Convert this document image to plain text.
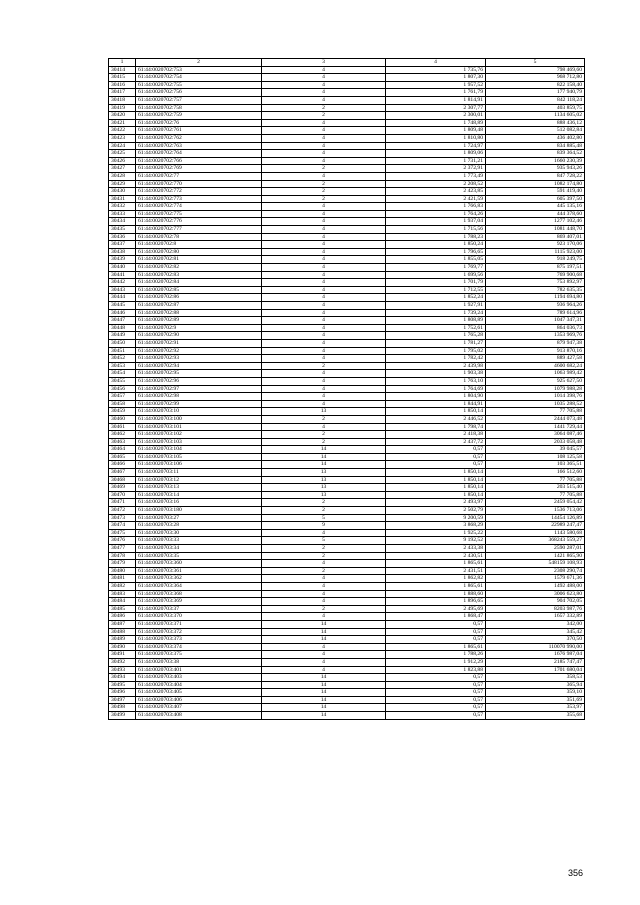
1	2	3	4	5
30414	61:44:0020702:753	4	1 735,76	798 469,60
30415	61:44:0020702:754	4	1 807,30	968 712,80
30416	61:44:0020702:755	4	1 957,52	822 158,40
30417	61:44:0020702:756	4	1 761,79	177 940,79
30418	61:44:0020702:757	4	1 814,91	842 118,24
30419	61:44:0020702:758	2	2 307,77	403 859,75
30420	61:44:0020702:759	2	2 300,01	1134 605,02
30421	61:44:0020702:76	4	1 748,89	888 436,12
30422	61:44:0020702:761	4	1 809,48	512 082,84
30423	61:44:0020702:762	4	1 810,80	436 402,80
30424	61:44:0020702:763	4	1 724,97	834 885,48
30425	61:44:0020702:764	4	1 809,06	839 364,52
30426	61:44:0020702:766	4	1 731,21	1660 230,39
30427	61:44:0020702:769	2	2 372,91	935 943,26
30428	61:44:0020702:77	4	1 773,49	847 728,22
30429	61:44:0020702:770	2	2 208,52	1082 174,80
30430	61:44:0020702:772	2	2 423,85	591 419,40
30431	61:44:0020702:773	2	2 421,59	605 397,50
30432	61:44:0020702:774	4	1 766,83	445 135,16
30433	61:44:0020702:775	4	1 764,26	444 378,60
30434	61:44:0020702:776	4	1 937,04	1277 102,46
30435	61:44:0020702:777	4	1 715,56	1081 448,70
30436	61:44:0020702:78	4	1 788,23	869 407,01
30437	61:44:0020702:8	4	1 850,24	923 170,06
30438	61:44:0020702:80	4	1 796,65	1115 923,00
30439	61:44:0020702:81	4	1 855,05	918 249,75
30440	61:44:0020702:82	4	1 769,77	875 197,51
30441	61:44:0020702:83	4	1 699,56	769 900,68
30442	61:44:0020702:84	4	1 701,79	753 892,97
30443	61:44:0020702:85	4	1 712,55	782 635,35
30444	61:44:0020702:86	4	1 852,24	1194 694,80
30445	61:44:0020702:87	4	1 927,91	936 964,26
30446	61:44:0020702:88	4	1 739,24	789 614,96
30447	61:44:0020702:89	4	1 808,89	1047 347,31
30448	61:44:0020702:9	4	1 752,61	864 036,73
30449	61:44:0020702:90	4	1 765,28	1353 969,76
30450	61:44:0020702:91	4	1 781,27	879 947,38
30451	61:44:0020702:92	4	1 795,02	913 870,16
30452	61:44:0020702:93	4	1 782,42	889 427,58
30453	61:44:0020702:94	2	2 439,98	4600 682,24
30454	61:44:0020702:95	4	1 903,38	1063 989,42
30455	61:44:0020702:96	4	1 763,10	925 627,50
30456	61:44:0020702:97	4	1 764,69	1079 988,28
30457	61:44:0020702:98	4	1 804,90	1014 398,76
30458	61:44:0020702:99	4	1 844,91	1035 288,52
30459	61:44:0020703:10	13	1 850,14	77 705,88
30460	61:44:0020703:100	2	2 446,52	2444 073,48
30461	61:44:0020703:101	4	1 798,74	1441 729,44
30462	61:44:0020703:102	2	2 418,38	3064 087,46
30463	61:44:0020703:103	2	2 437,72	2033 058,48
30464	61:44:0020703:104	14	0,57	39 045,57
30465	61:44:0020703:105	14	0,57	108 125,58
30466	61:44:0020703:106	14	0,57	103 365,51
30467	61:44:0020703:11	13	1 850,14	166 512,60
30468	61:44:0020703:12	13	1 850,14	77 705,88
30469	61:44:0020703:13	13	1 850,14	203 515,40
30470	61:44:0020703:14	13	1 850,14	77 705,88
30471	61:44:0020703:16	2	2 493,97	2459 054,42
30472	61:44:0020703:180	2	2 502,79	1536 713,06
30473	61:44:0020703:27	5	9 200,59	14454 126,89
30474	61:44:0020703:28	9	3 868,29	22989 247,47
30475	61:44:0020703:30	4	1 925,22	1143 580,68
30476	61:44:0020703:33	5	9 192,52	368243 559,27
30477	61:44:0020703:34	2	2 433,38	2590 287,01
30478	61:44:0020703:35	2	2 430,51	1421 865,90
30479	61:44:0020703:360	4	1 865,61	548159 108,93
30480	61:44:0020703:361	2	2 431,51	2308 290,74
30481	61:44:0020703:362	4	1 862,82	1579 671,36
30482	61:44:0020703:364	4	1 865,61	1492 488,00
30483	61:44:0020703:368	4	1 888,60	3006 623,80
30484	61:44:0020703:369	4	1 896,65	904 702,05
30485	61:44:0020703:37	2	2 495,69	8203 987,76
30486	61:44:0020703:370	4	1 868,47	1657 332,89
30487	61:44:0020703:371	14	0,57	342,00
30488	61:44:0020703:372	14	0,57	345,42
30489	61:44:0020703:373	14	0,57	370,50
30490	61:44:0020703:374	4	1 865,61	110070 990,00
30491	61:44:0020703:375	4	1 788,26	1676 987,04
30492	61:44:0020703:38	4	1 912,29	2185 747,47
30493	61:44:0020703:401	4	1 823,88	1701 680,04
30494	61:44:0020703:403	14	0,57	358,53
30495	61:44:0020703:404	14	0,57	365,94
30496	61:44:0020703:405	14	0,57	359,10
30497	61:44:0020703:406	14	0,57	351,69
30498	61:44:0020703:407	14	0,57	353,97
30499	61:44:0020703:408	14	0,57	355,68
356
